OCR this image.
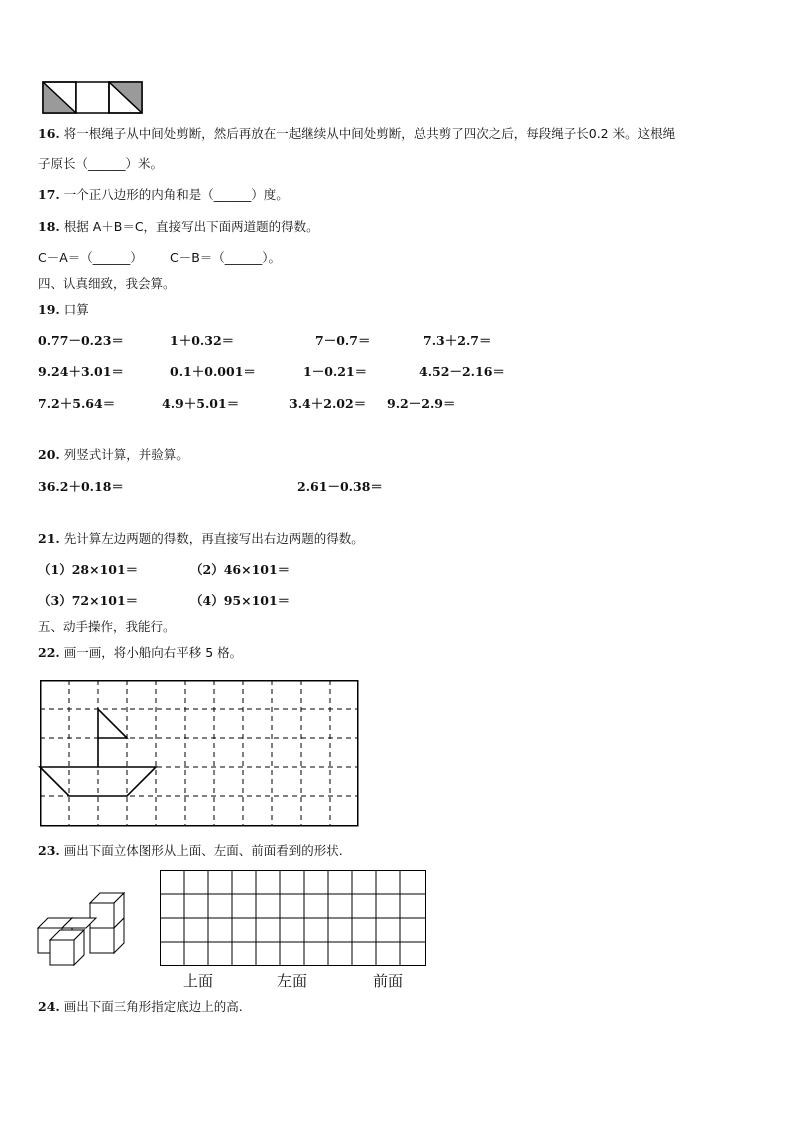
16. 将一根绳子从中间处剪断，然后再放在一起继续从中间处剪断，总共剪了四次之后，每段绳子长0.2 米。这根绳
子原长（______）米。
17. 一个正八边形的内角和是（______）度。
18. 根据 A＋B＝C，直接写出下面两道题的得数。
C－A＝（______） C－B＝（______）。
四、认真细致，我会算。
19. 口算
0.77－0.23＝	1＋0.32＝	7－0.7＝	7.3＋2.7＝
9.24＋3.01＝	0.1＋0.001＝	1－0.21＝	4.52－2.16＝
7.2＋5.64＝	4.9＋5.01＝	3.4＋2.02＝ 9.2－2.9＝
20. 列竖式计算，并验算。
36.2＋0.18＝	2.61－0.38＝
21. 先计算左边两题的得数，再直接写出右边两题的得数。
（1）28×101＝	（2）46×101＝
（3）72×101＝	（4）95×101＝
五、动手操作，我能行。
22. 画一画，将小船向右平移 5 格。
23. 画出下面立体图形从上面、左面、前面看到的形状.
上面	左面	前面
24. 画出下面三角形指定底边上的高.
